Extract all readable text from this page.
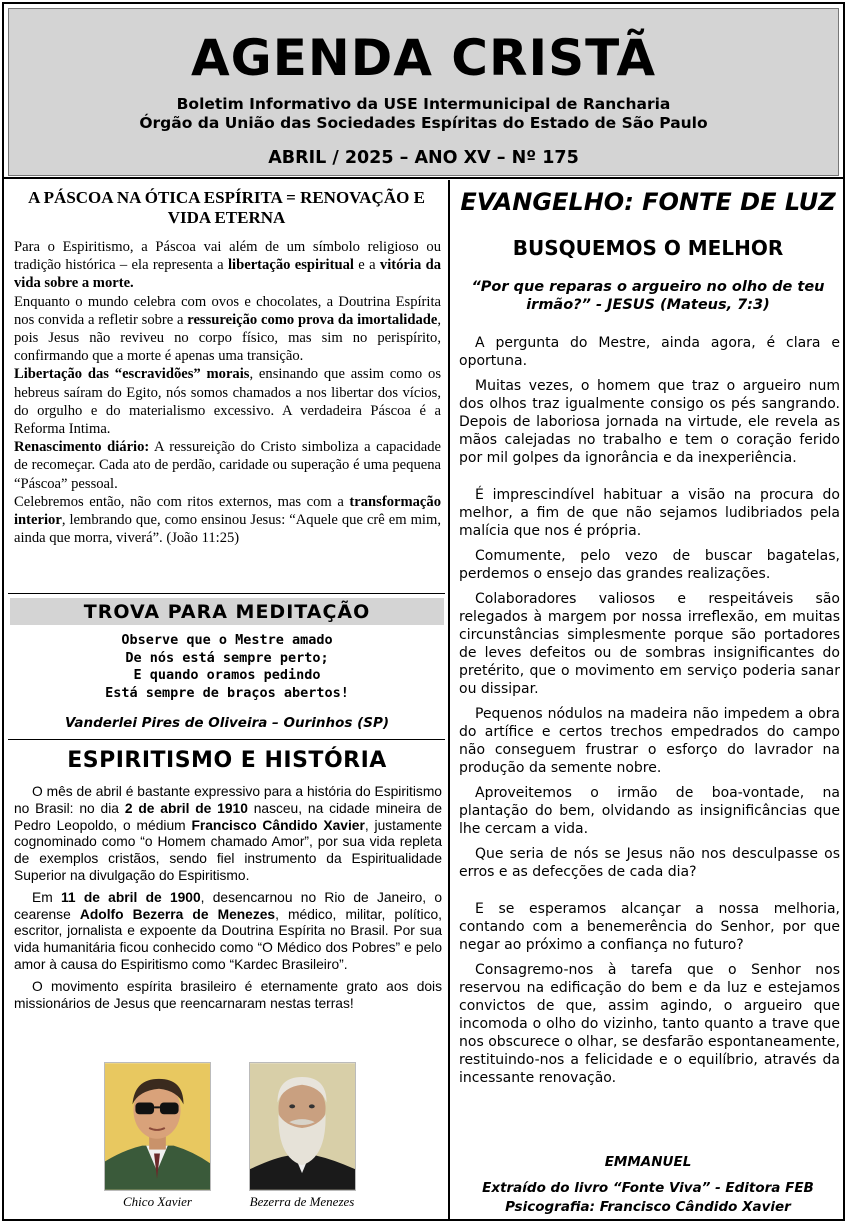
AGENDA CRISTÃ
Boletim Informativo da USE Intermunicipal de Rancharia
Órgão da União das Sociedades Espíritas do Estado de São Paulo
ABRIL / 2025 – ANO XV – Nº 175
A PÁSCOA NA ÓTICA ESPÍRITA = RENOVAÇÃO E VIDA ETERNA

Para o Espiritismo, a Páscoa vai além de um símbolo religioso ou tradição histórica – ela representa a libertação espiritual e a vitória da vida sobre a morte.

Enquanto o mundo celebra com ovos e chocolates, a Doutrina Espírita nos convida a refletir sobre a ressureição como prova da imortalidade, pois Jesus não reviveu no corpo físico, mas sim no perispírito, confirmando que a morte é apenas uma transição.

Libertação das “escravidões” morais, ensinando que assim como os hebreus saíram do Egito, nós somos chamados a nos libertar dos vícios, do orgulho e do materialismo excessivo. A verdadeira Páscoa é a Reforma Intima.

Renascimento diário: A ressureição do Cristo simboliza a capacidade de recomeçar. Cada ato de perdão, caridade ou superação é uma pequena “Páscoa” pessoal.

Celebremos então, não com ritos externos, mas com a transformação interior, lembrando que, como ensinou Jesus: “Aquele que crê em mim, ainda que morra, viverá”. (João 11:25)

TROVA PARA MEDITAÇÃO
Observe que o Mestre amado
De nós está sempre perto;
E quando oramos pedindo
Está sempre de braços abertos!
Vanderlei Pires de Oliveira – Ourinhos (SP)
ESPIRITISMO E HISTÓRIA

O mês de abril é bastante expressivo para a história do Espiritismo no Brasil: no dia 2 de abril de 1910 nasceu, na cidade mineira de Pedro Leopoldo, o médium Francisco Cândido Xavier, justamente cognominado como “o Homem chamado Amor”, por sua vida repleta de exemplos cristãos, sendo fiel instrumento da Espiritualidade Superior na divulgação do Espiritismo.

Em 11 de abril de 1900, desencarnou no Rio de Janeiro, o cearense Adolfo Bezerra de Menezes, médico, militar, político, escritor, jornalista e expoente da Doutrina Espírita no Brasil. Por sua vida humanitária ficou conhecido como “O Médico dos Pobres” e pelo amor à causa do Espiritismo como “Kardec Brasileiro”.

O movimento espírita brasileiro é eternamente grato aos dois missionários de Jesus que reencarnaram nestas terras!

Chico Xavier	Bezerra de Menezes
EVANGELHO: FONTE DE LUZ
BUSQUEMOS O MELHOR
“Por que reparas o argueiro no olho de teu irmão?” - JESUS (Mateus, 7:3)

A pergunta do Mestre, ainda agora, é clara e oportuna.

Muitas vezes, o homem que traz o argueiro num dos olhos traz igualmente consigo os pés sangrando. Depois de laboriosa jornada na virtude, ele revela as mãos calejadas no trabalho e tem o coração ferido por mil golpes da ignorância e da inexperiência.

É imprescindível habituar a visão na procura do melhor, a fim de que não sejamos ludibriados pela malícia que nos é própria.

Comumente, pelo vezo de buscar bagatelas, perdemos o ensejo das grandes realizações.

Colaboradores valiosos e respeitáveis são relegados à margem por nossa irreflexão, em muitas circunstâncias simplesmente porque são portadores de leves defeitos ou de sombras insignificantes do pretérito, que o movimento em serviço poderia sanar ou dissipar.

Pequenos nódulos na madeira não impedem a obra do artífice e certos trechos empedrados do campo não conseguem frustrar o esforço do lavrador na produção da semente nobre.

Aproveitemos o irmão de boa-vontade, na plantação do bem, olvidando as insignificâncias que lhe cercam a vida.

Que seria de nós se Jesus não nos desculpasse os erros e as defecções de cada dia?

E se esperamos alcançar a nossa melhoria, contando com a benemerência do Senhor, por que negar ao próximo a confiança no futuro?

Consagremo-nos à tarefa que o Senhor nos reservou na edificação do bem e da luz e estejamos convictos de que, assim agindo, o argueiro que incomoda o olho do vizinho, tanto quanto a trave que nos obscurece o olhar, se desfarão espontaneamente, restituindo-nos a felicidade e o equilíbrio, através da incessante renovação.

EMMANUEL
Extraído do livro “Fonte Viva” - Editora FEB
Psicografia: Francisco Cândido Xavier
